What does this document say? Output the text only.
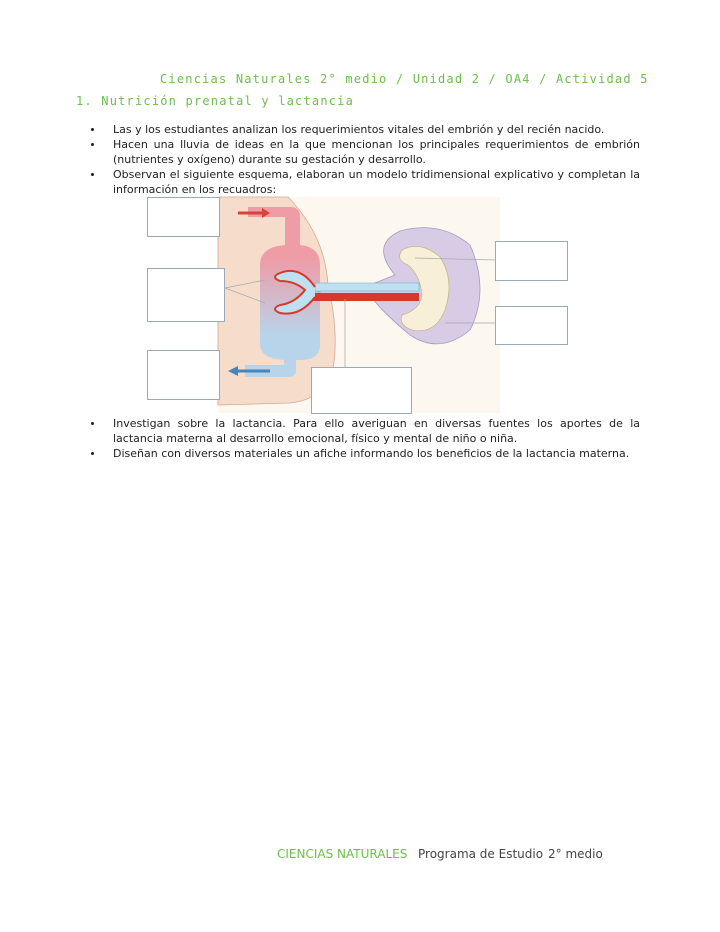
Ciencias Naturales 2° medio / Unidad 2 / OA4 / Actividad 5
1. Nutrición prenatal y lactancia
Las y los estudiantes analizan los requerimientos vitales del embrión y del recién nacido.
Hacen una lluvia de ideas en la que mencionan los principales requerimientos de embrión (nutrientes y oxígeno) durante su gestación y desarrollo.
Observan el siguiente esquema, elaboran un modelo tridimensional explicativo y completan la información en los recuadros:
Investigan sobre la lactancia. Para ello averiguan en diversas fuentes los aportes de la lactancia materna al desarrollo emocional, físico y mental de niño o niña.
Diseñan con diversos materiales un afiche informando los beneficios de la lactancia materna.
CIENCIAS NATURALES Programa de Estudio 2° medio
